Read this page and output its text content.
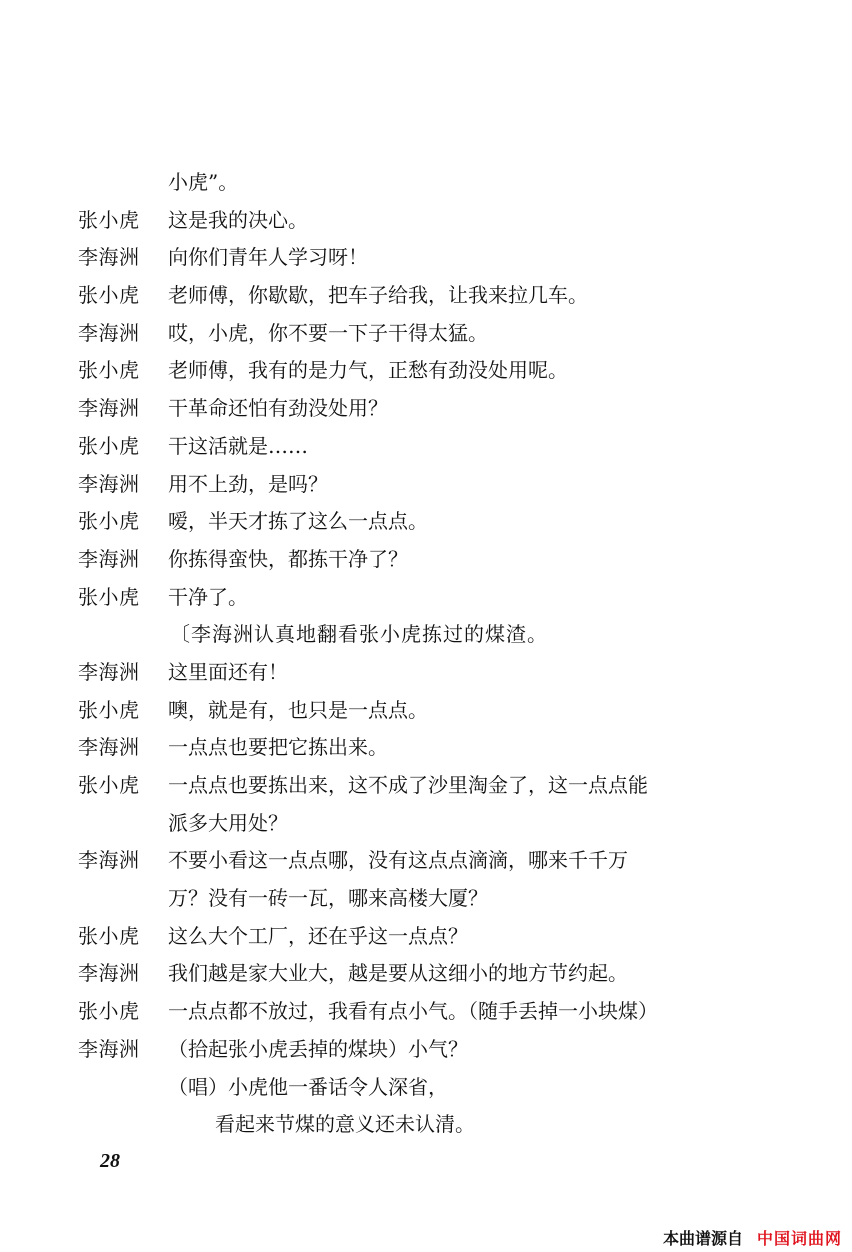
小虎”。
张小虎 这是我的决心。
李海洲 向你们青年人学习呀！
张小虎 老师傅，你歇歇，把车子给我，让我来拉几车。
李海洲 哎，小虎，你不要一下子干得太猛。
张小虎 老师傅，我有的是力气，正愁有劲没处用呢。
李海洲 干革命还怕有劲没处用？
张小虎 干这活就是……
李海洲 用不上劲，是吗？
张小虎 嗳，半天才拣了这么一点点。
李海洲 你拣得蛮快，都拣干净了？
张小虎 干净了。
〔李海洲认真地翻看张小虎拣过的煤渣。
李海洲 这里面还有！
张小虎 噢，就是有，也只是一点点。
李海洲 一点点也要把它拣出来。
张小虎 一点点也要拣出来，这不成了沙里淘金了，这一点点能
派多大用处？
李海洲 不要小看这一点点哪，没有这点点滴滴，哪来千千万
万？没有一砖一瓦，哪来高楼大厦？
张小虎 这么大个工厂，还在乎这一点点？
李海洲 我们越是家大业大，越是要从这细小的地方节约起。
张小虎 一点点都不放过，我看有点小气。（随手丢掉一小块煤）
李海洲 （拾起张小虎丢掉的煤块）小气？
（唱）小虎他一番话令人深省，
看起来节煤的意义还未认清。
28
本曲谱源自 中国词曲网
